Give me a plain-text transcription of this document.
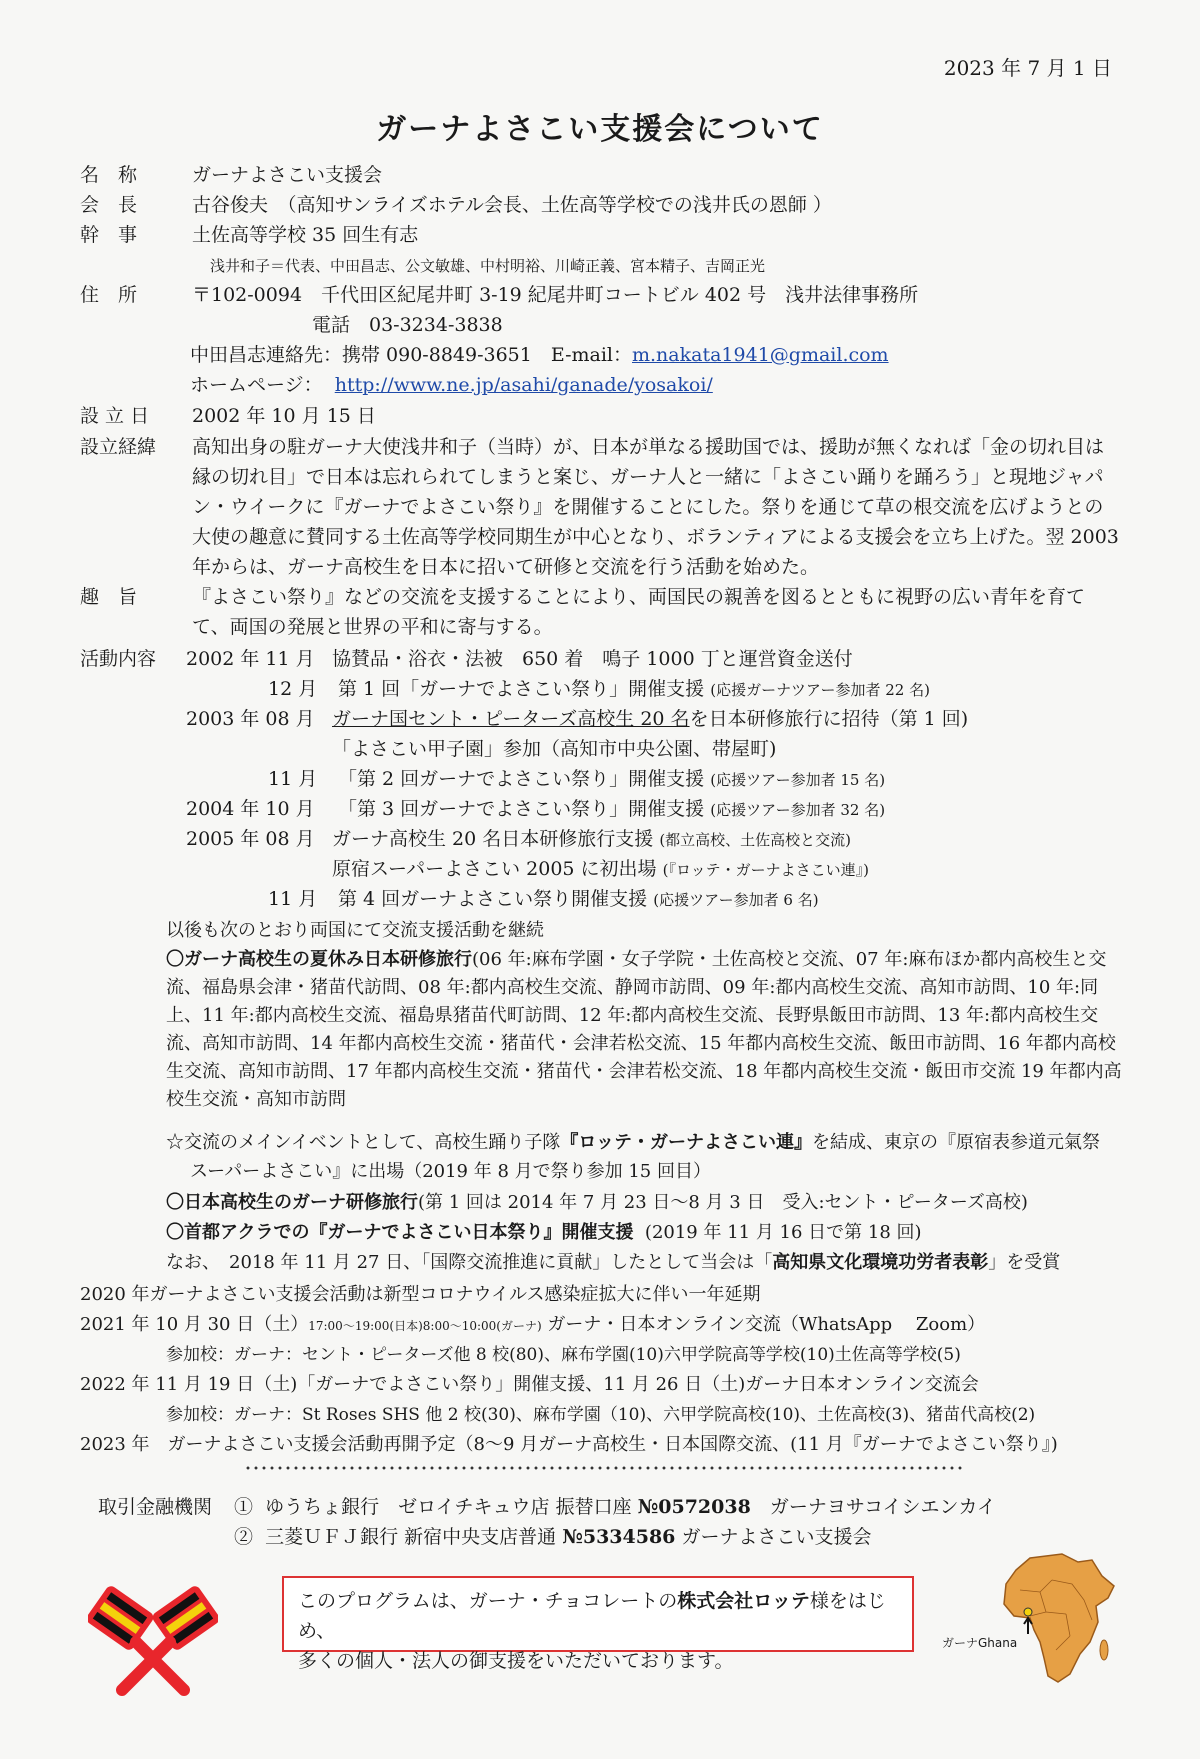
2023 年 7 月 1 日
ガーナよさこい支援会について
名　称	ガーナよさこい支援会
会　長	古谷俊夫　（高知サンライズホテル会長、土佐高等学校での浅井氏の恩師 ）
幹　事	土佐高等学校 35 回生有志
浅井和子＝代表、中田昌志、公文敏雄、中村明裕、川崎正義、宮本精子、吉岡正光
住　所	〒102-0094　千代田区紀尾井町 3-19 紀尾井町コートビル 402 号　浅井法律事務所
電話　03-3234-3838
中田昌志連絡先：携帯 090-8849-3651　E-mail：m.nakata1941@gmail.com
ホームページ： http://www.ne.jp/asahi/ganade/yosakoi/
設 立 日 2002 年 10 月 15 日
設立経緯 高知出身の駐ガーナ大使浅井和子（当時）が、日本が単なる援助国では、援助が無くなれば「金の切れ目は縁の切れ目」で日本は忘れられてしまうと案じ、ガーナ人と一緒に「よさこい踊りを踊ろう」と現地ジャパン・ウイークに『ガーナでよさこい祭り』を開催することにした。祭りを通じて草の根交流を広げようとの大使の趣意に賛同する土佐高等学校同期生が中心となり、ボランティアによる支援会を立ち上げた。翌 2003 年からは、ガーナ高校生を日本に招いて研修と交流を行う活動を始めた。
趣　旨	『よさこい祭り』などの交流を支援することにより、両国民の親善を図るとともに視野の広い青年を育てて、両国の発展と世界の平和に寄与する。
活動内容 2002 年 11 月 協賛品・浴衣・法被　650 着　鳴子 1000 丁と運営資金送付
12 月 第 1 回「ガーナでよさこい祭り」開催支援 (応援ガーナツアー参加者 22 名)
2003 年 08 月 ガーナ国セント・ピーターズ高校生 20 名を日本研修旅行に招待（第 1 回)
「よさこい甲子園」参加（高知市中央公園、帯屋町)
11 月 「第 2 回ガーナでよさこい祭り」開催支援 (応援ツアー参加者 15 名)
2004 年 10 月 「第 3 回ガーナでよさこい祭り」開催支援 (応援ツアー参加者 32 名)
2005 年 08 月 ガーナ高校生 20 名日本研修旅行支援 (都立高校、土佐高校と交流)
原宿スーパーよさこい 2005 に初出場 (『ロッテ・ガーナよさこい連』)
11 月 第 4 回ガーナよさこい祭り開催支援 (応援ツアー参加者 6 名)
以後も次のとおり両国にて交流支援活動を継続
〇ガーナ高校生の夏休み日本研修旅行(06 年:麻布学園・女子学院・土佐高校と交流、07 年:麻布ほか都内高校生と交流、福島県会津・猪苗代訪問、08 年:都内高校生交流、静岡市訪問、09 年:都内高校生交流、高知市訪問、10 年:同上、11 年:都内高校生交流、福島県猪苗代町訪問、12 年:都内高校生交流、長野県飯田市訪問、13 年:都内高校生交流、高知市訪問、14 年都内高校生交流・猪苗代・会津若松交流、15 年都内高校生交流、飯田市訪問、16 年都内高校生交流、高知市訪問、17 年都内高校生交流・猪苗代・会津若松交流、18 年都内高校生交流・飯田市交流 19 年都内高校生交流・高知市訪問
☆交流のメインイベントとして、高校生踊り子隊『ロッテ・ガーナよさこい連』を結成、東京の『原宿表参道元氣祭
スーパーよさこい』に出場（2019 年 8 月で祭り参加 15 回目）
〇日本高校生のガーナ研修旅行(第 1 回は 2014 年 7 月 23 日〜8 月 3 日　受入:セント・ピーターズ高校)
〇首都アクラでの『ガーナでよさこい日本祭り』開催支援 (2019 年 11 月 16 日で第 18 回)
なお、　2018 年 11 月 27 日、「国際交流推進に貢献」したとして当会は「高知県文化環境功労者表彰」を受賞
2020 年ガーナよさこい支援会活動は新型コロナウイルス感染症拡大に伴い一年延期
2021 年 10 月 30 日（土）17:00〜19:00(日本)8:00〜10:00(ガーナ) ガーナ・日本オンライン交流（WhatsApp　 Zoom）
参加校：ガーナ：セント・ピーターズ他 8 校(80)、麻布学園(10)六甲学院高等学校(10)土佐高等学校(5)
2022 年 11 月 19 日（土)「ガーナでよさこい祭り」開催支援、11 月 26 日（土)ガーナ日本オンライン交流会
参加校：ガーナ：St Roses SHS 他 2 校(30)、麻布学園（10)、六甲学院高校(10)、土佐高校(3)、猪苗代高校(2)
2023 年　ガーナよさこい支援会活動再開予定（8〜9 月ガーナ高校生・日本国際交流、(11 月『ガーナでよさこい祭り』)
取引金融機関 ① ゆうちょ銀行　ゼロイチキュウ店 振替口座 №0572038　ガーナヨサコイシエンカイ
② 三菱ＵＦＪ銀行 新宿中央支店普通 №5334586 ガーナよさこい支援会
このプログラムは、ガーナ・チョコレートの株式会社ロッテ様をはじめ、
多くの個人・法人の御支援をいただいております。
ガーナGhana
